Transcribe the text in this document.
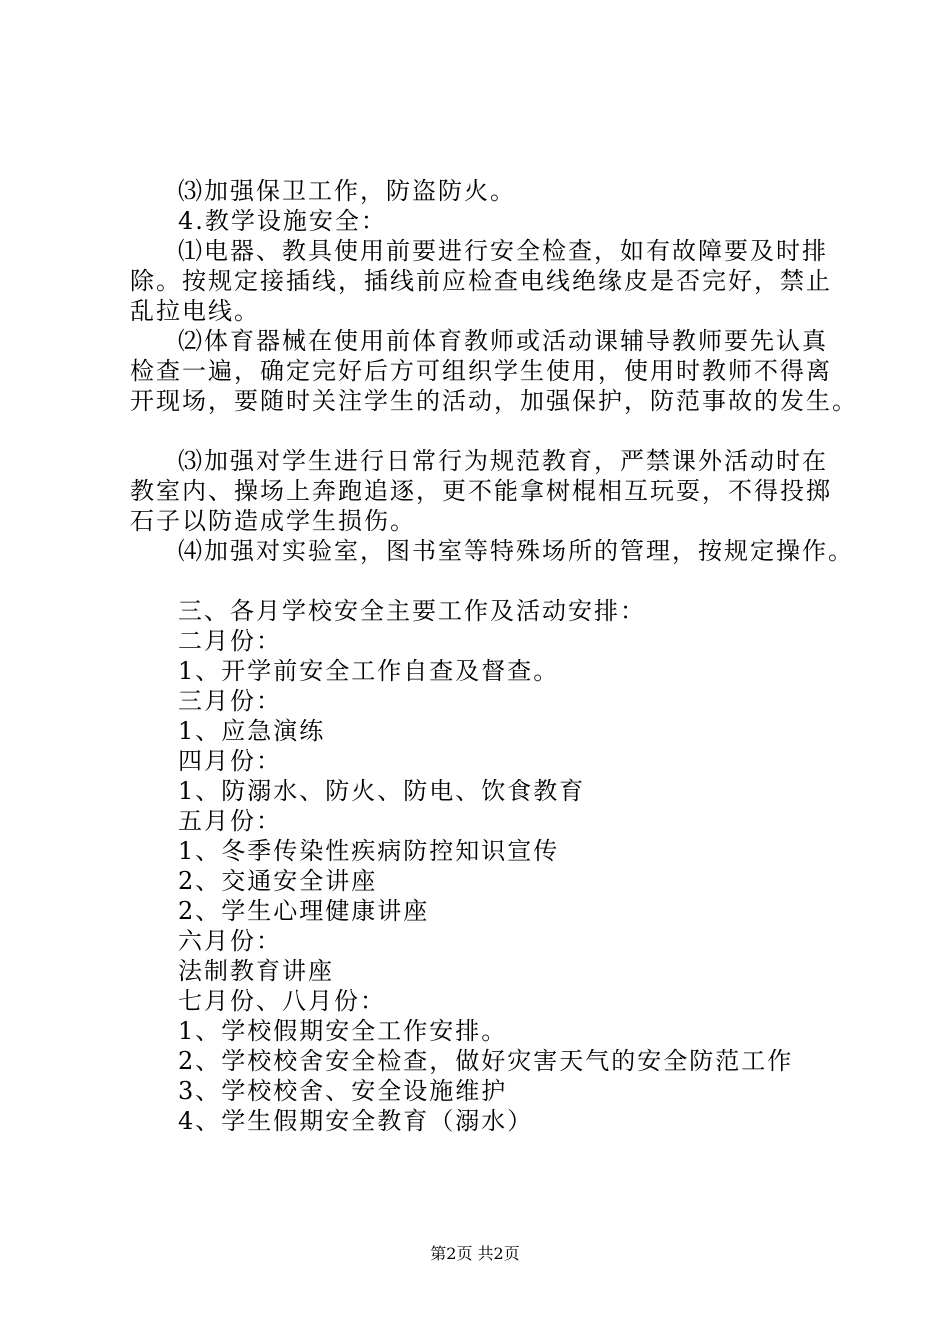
⑶加强保卫工作，防盗防火。
4.教学设施安全：
⑴电器、教具使用前要进行安全检查，如有故障要及时排
除。按规定接插线，插线前应检查电线绝缘皮是否完好，禁止
乱拉电线。
⑵体育器械在使用前体育教师或活动课辅导教师要先认真
检查一遍，确定完好后方可组织学生使用，使用时教师不得离
开现场，要随时关注学生的活动，加强保护，防范事故的发生。
⑶加强对学生进行日常行为规范教育，严禁课外活动时在
教室内、操场上奔跑追逐，更不能拿树棍相互玩耍，不得投掷
石子以防造成学生损伤。
⑷加强对实验室，图书室等特殊场所的管理，按规定操作。
三、各月学校安全主要工作及活动安排：
二月份：
1、开学前安全工作自查及督查。
三月份：
1、应急演练
四月份：
1、防溺水、防火、防电、饮食教育
五月份：
1、冬季传染性疾病防控知识宣传
2、交通安全讲座
2、学生心理健康讲座
六月份：
法制教育讲座
七月份、八月份：
1、学校假期安全工作安排。
2、学校校舍安全检查，做好灾害天气的安全防范工作
3、学校校舍、安全设施维护
4、学生假期安全教育（溺水）
第2页 共2页
